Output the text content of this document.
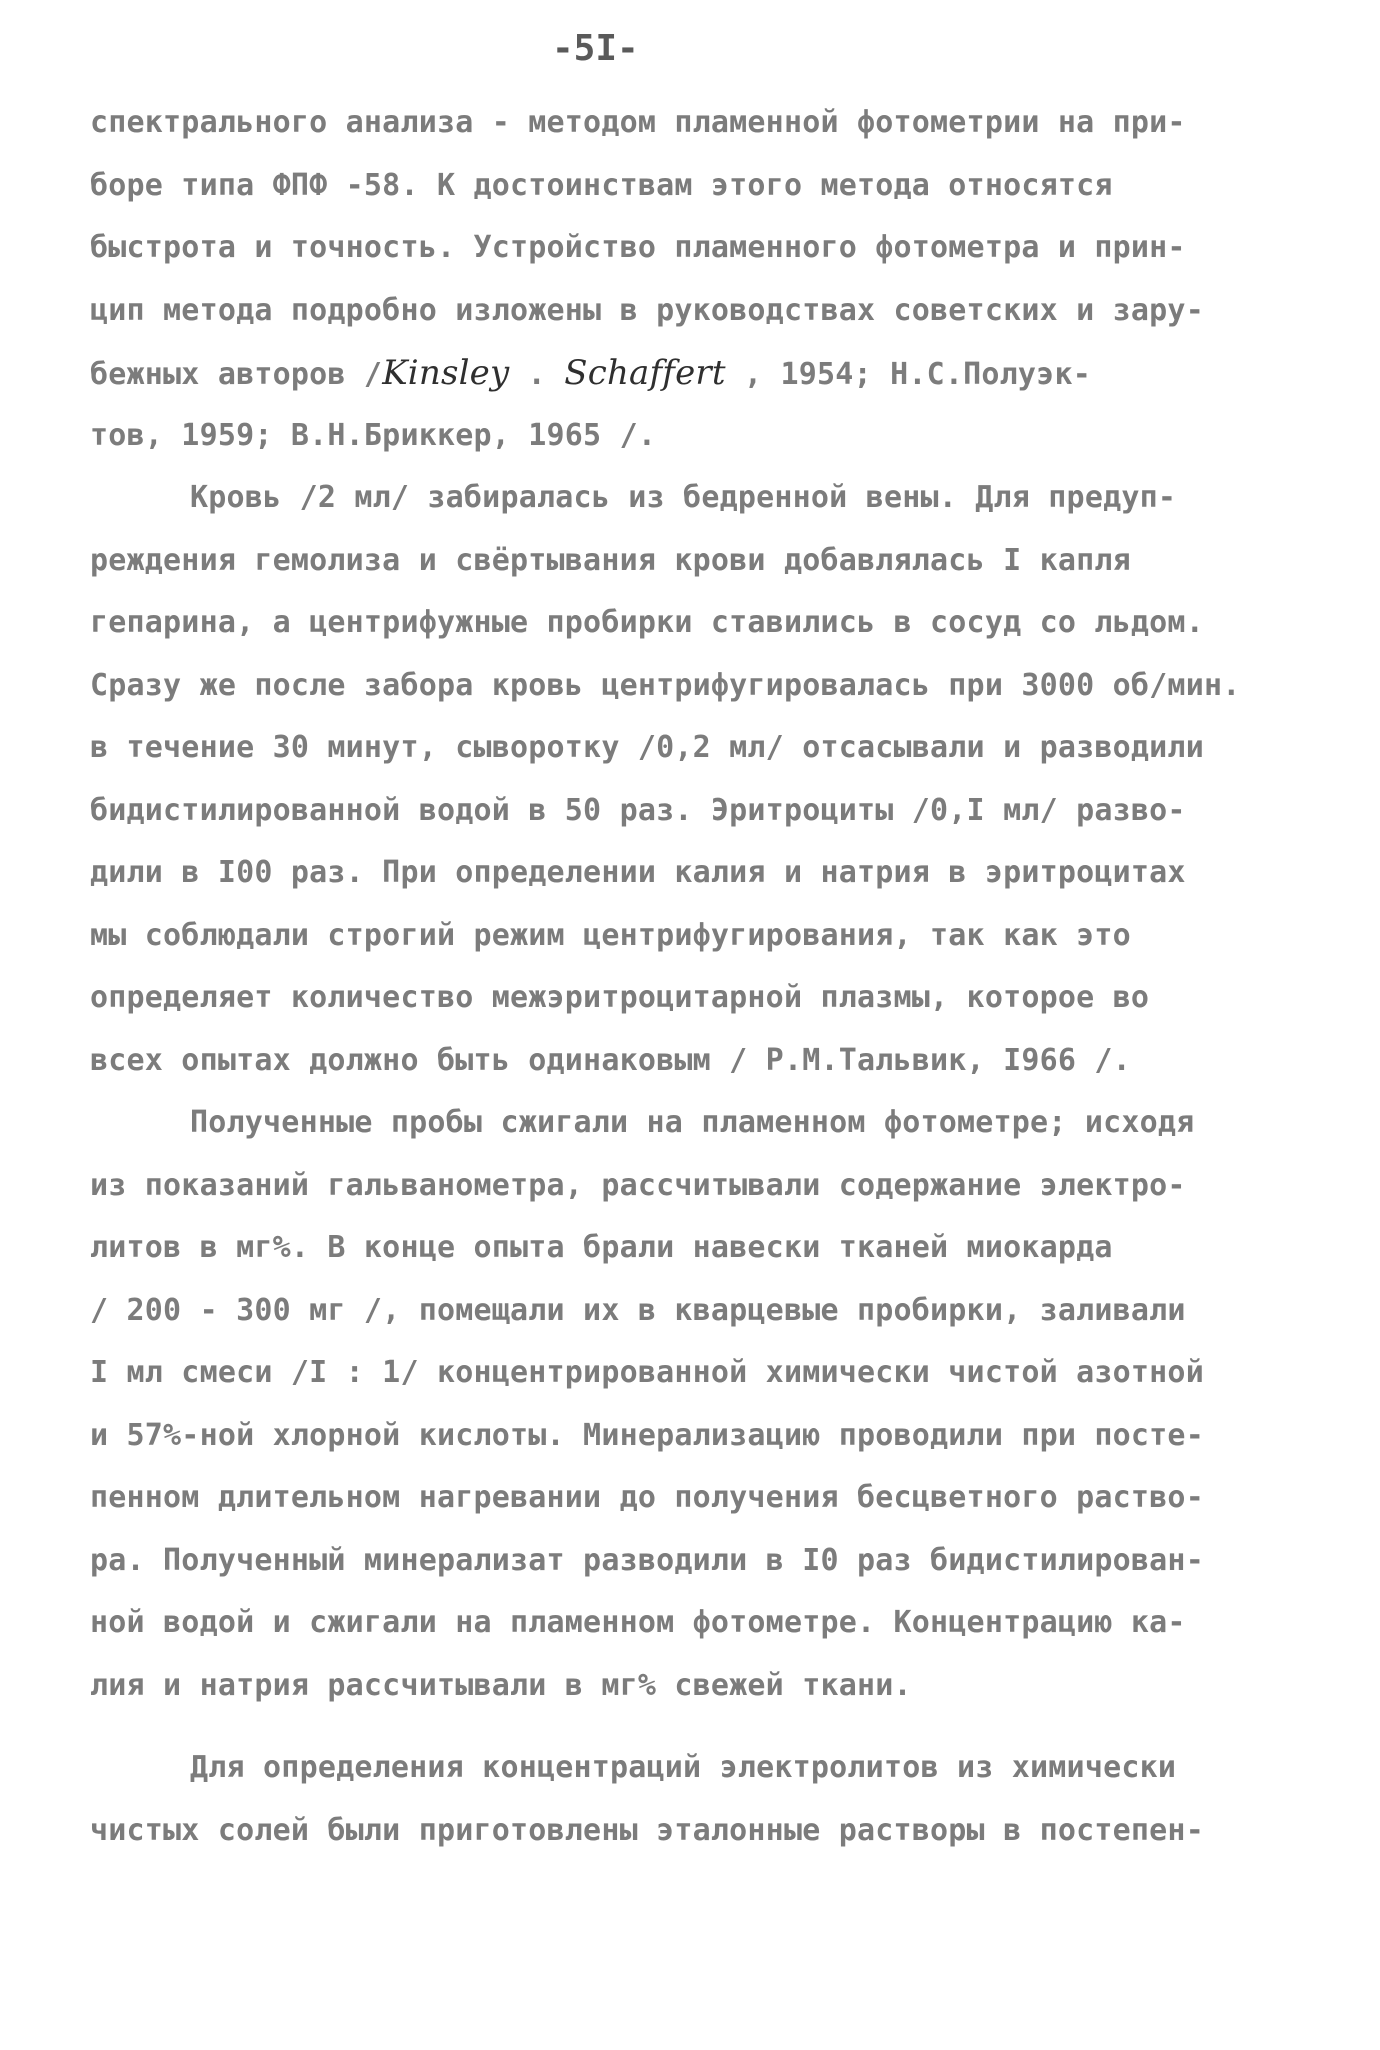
-5I-
спектрального анализа - методом пламенной фотометрии на при-
боре типа ФПФ -58. К достоинствам этого метода относятся
быстрота и точность. Устройство пламенного фотометра и прин-
цип метода подробно изложены в руководствах советских и зару-
бежных авторов /Kinsley . Schaffert , 1954; Н.С.Полуэк-
тов, 1959; В.Н.Бриккер, 1965 /.
Кровь /2 мл/ забиралась из бедренной вены. Для предуп-
реждения гемолиза и свёртывания крови добавлялась I капля
гепарина, а центрифужные пробирки ставились в сосуд со льдом.
Сразу же после забора кровь центрифугировалась при 3000 об/мин.
в течение 30 минут, сыворотку /0,2 мл/ отсасывали и разводили
бидистилированной водой в 50 раз. Эритроциты /0,I мл/ разво-
дили в I00 раз. При определении калия и натрия в эритроцитах
мы соблюдали строгий режим центрифугирования, так как это
определяет количество межэритроцитарной плазмы, которое во
всех опытах должно быть одинаковым / Р.М.Тальвик, I966 /.
Полученные пробы сжигали на пламенном фотометре; исходя
из показаний гальванометра, рассчитывали содержание электро-
литов в мг%. В конце опыта брали навески тканей миокарда
/ 200 - 300 мг /, помещали их в кварцевые пробирки, заливали
I мл смеси /I : 1/ концентрированной химически чистой азотной
и 57%-ной хлорной кислоты. Минерализацию проводили при посте-
пенном длительном нагревании до получения бесцветного раство-
ра. Полученный минерализат разводили в I0 раз бидистилирован-
ной водой и сжигали на пламенном фотометре. Концентрацию ка-
лия и натрия рассчитывали в мг% свежей ткани.
Для определения концентраций электролитов из химически
чистых солей были приготовлены эталонные растворы в постепен-
